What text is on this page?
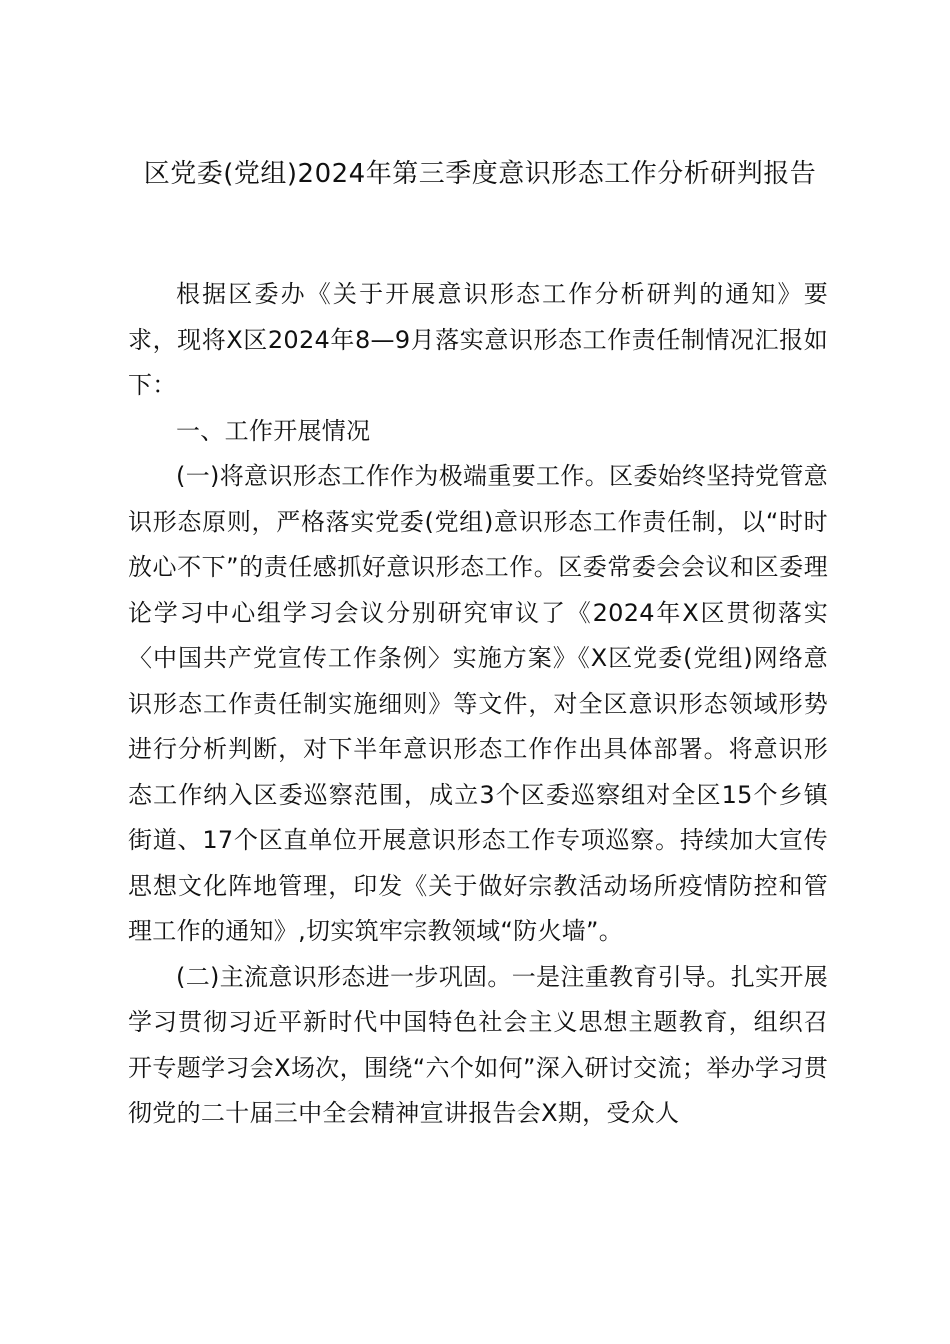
区党委(党组)2024年第三季度意识形态工作分析研判报告

根据区委办《关于开展意识形态工作分析研判的通知》要求，现将X区2024年8—9月落实意识形态工作责任制情况汇报如下：

一、工作开展情况

(一)将意识形态工作作为极端重要工作。区委始终坚持党管意识形态原则，严格落实党委(党组)意识形态工作责任制，以“时时放心不下”的责任感抓好意识形态工作。区委常委会会议和区委理论学习中心组学习会议分别研究审议了《2024年X区贯彻落实〈中国共产党宣传工作条例〉实施方案》《X区党委(党组)网络意识形态工作责任制实施细则》等文件，对全区意识形态领域形势进行分析判断，对下半年意识形态工作作出具体部署。将意识形态工作纳入区委巡察范围，成立3个区委巡察组对全区15个乡镇街道、17个区直单位开展意识形态工作专项巡察。持续加大宣传思想文化阵地管理，印发《关于做好宗教活动场所疫情防控和管理工作的通知》,切实筑牢宗教领域“防火墙”。

(二)主流意识形态进一步巩固。一是注重教育引导。扎实开展学习贯彻习近平新时代中国特色社会主义思想主题教育，组织召开专题学习会X场次，围绕“六个如何”深入研讨交流；举办学习贯彻党的二十届三中全会精神宣讲报告会X期，受众人
